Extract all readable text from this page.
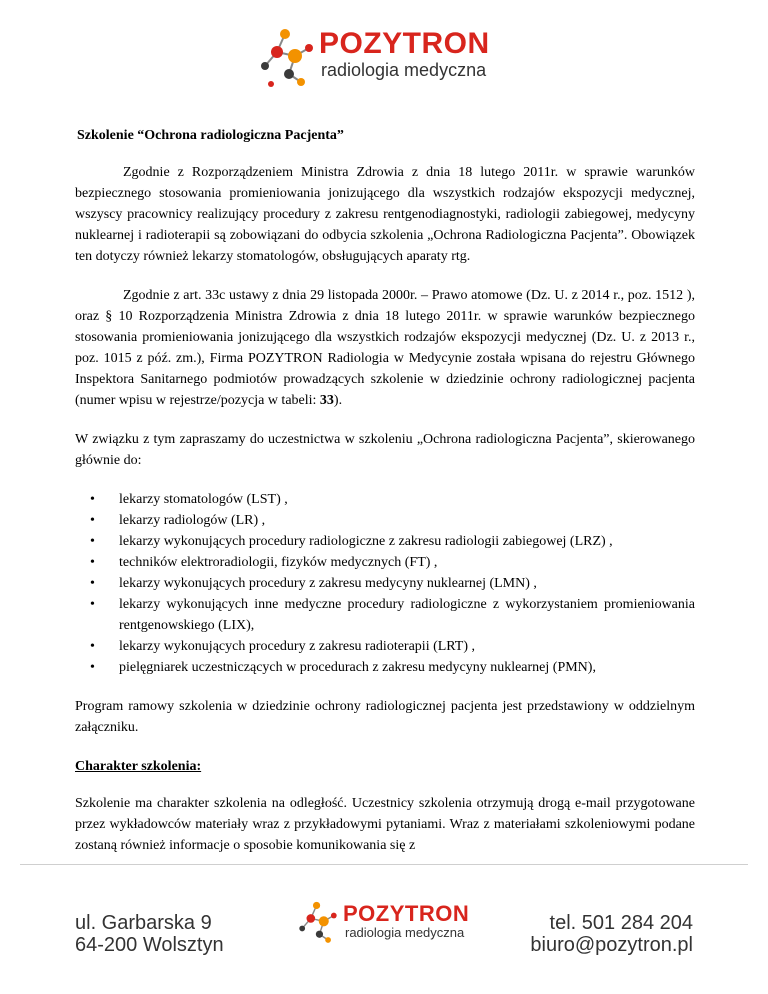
POZYTRON
radiologia medyczna

Szkolenie “Ochrona radiologiczna Pacjenta”

Zgodnie z Rozporządzeniem Ministra Zdrowia z dnia 18 lutego 2011r. w sprawie warunków bezpiecznego stosowania promieniowania jonizującego dla wszystkich rodzajów ekspozycji medycznej, wszyscy pracownicy realizujący procedury z zakresu rentgenodiagnostyki, radiologii zabiegowej, medycyny nuklearnej i radioterapii są zobowiązani do odbycia szkolenia „Ochrona Radiologiczna Pacjenta”. Obowiązek ten dotyczy również lekarzy stomatologów, obsługujących aparaty rtg.

Zgodnie z art. 33c ustawy z dnia 29 listopada 2000r. – Prawo atomowe (Dz. U. z 2014 r., poz. 1512 ), oraz § 10 Rozporządzenia Ministra Zdrowia z dnia 18 lutego 2011r. w sprawie warunków bezpiecznego stosowania promieniowania jonizującego dla wszystkich rodzajów ekspozycji medycznej (Dz. U. z 2013 r., poz. 1015 z póź. zm.), Firma POZYTRON Radiologia w Medycynie została wpisana do rejestru Głównego Inspektora Sanitarnego podmiotów prowadzących szkolenie w dziedzinie ochrony radiologicznej pacjenta (numer wpisu w rejestrze/pozycja w tabeli: 33).

W związku z tym zapraszamy do uczestnictwa w szkoleniu „Ochrona radiologiczna Pacjenta”, skierowanego głównie do:

• lekarzy stomatologów (LST) ,
• lekarzy radiologów (LR) ,
• lekarzy wykonujących procedury radiologiczne z zakresu radiologii zabiegowej (LRZ) ,
• techników elektroradiologii, fizyków medycznych (FT) ,
• lekarzy wykonujących procedury z zakresu medycyny nuklearnej (LMN) ,
• lekarzy wykonujących inne medyczne procedury radiologiczne z wykorzystaniem promieniowania rentgenowskiego (LIX),
• lekarzy wykonujących procedury z zakresu radioterapii (LRT) ,
• pielęgniarek uczestniczących w procedurach z zakresu medycyny nuklearnej (PMN),

Program ramowy szkolenia w dziedzinie ochrony radiologicznej pacjenta jest przedstawiony w oddzielnym załączniku.

Charakter szkolenia:

Szkolenie ma charakter szkolenia na odległość. Uczestnicy szkolenia otrzymują drogą e-mail przygotowane przez wykładowców materiały wraz z przykładowymi pytaniami. Wraz z materiałami szkoleniowymi podane zostaną również informacje o sposobie komunikowania się z

ul. Garbarska 9
64-200 Wolsztyn
POZYTRON
radiologia medyczna	tel. 501 284 204
biuro@pozytron.pl
